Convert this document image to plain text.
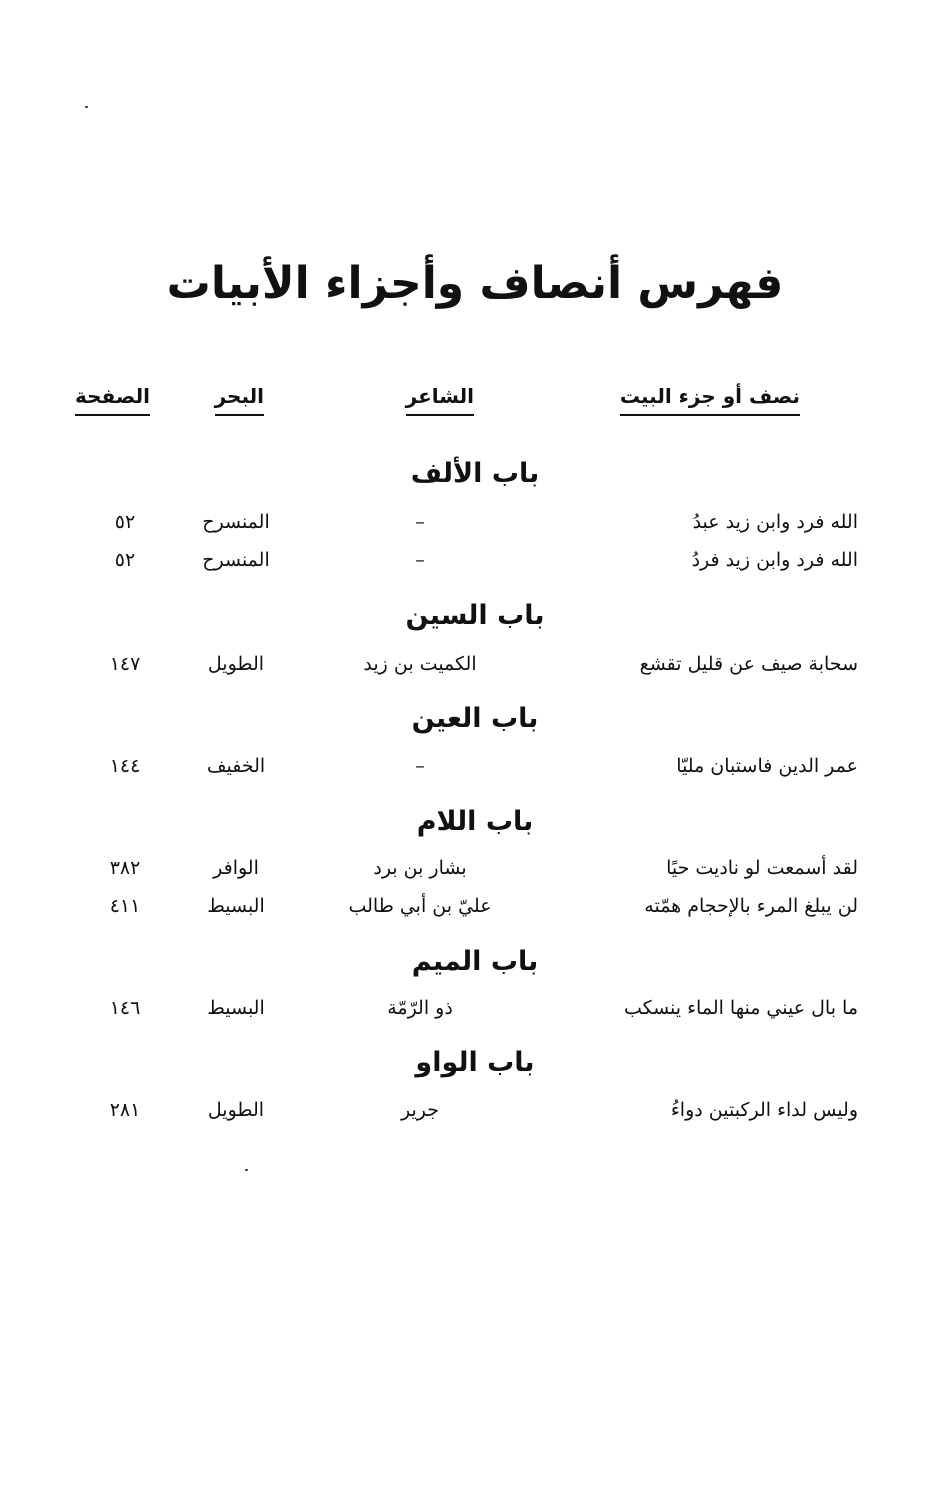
فهرس أنصاف وأجزاء الأبيات
نصف أو جزء البيت
الشاعر
البحر
الصفحة
باب الألف
الله فرد وابن زيد عبدُ
–
المنسرح
٥٢
الله فرد وابن زيد فردُ
–
المنسرح
٥٢
باب السين
سحابة صيف عن قليل تقشع
الكميت بن زيد
الطويل
١٤٧
باب العين
عمر الدين فاستبان مليّا
–
الخفيف
١٤٤
باب اللام
لقد أسمعت لو ناديت حيًا
بشار بن برد
الوافر
٣٨٢
لن يبلغ المرء بالإحجام همّته
عليّ بن أبي طالب
البسيط
٤١١
باب الميم
ما بال عيني منها الماء ينسكب
ذو الرّمّة
البسيط
١٤٦
باب الواو
وليس لداء الركبتين دواءُ
جرير
الطويل
٢٨١
